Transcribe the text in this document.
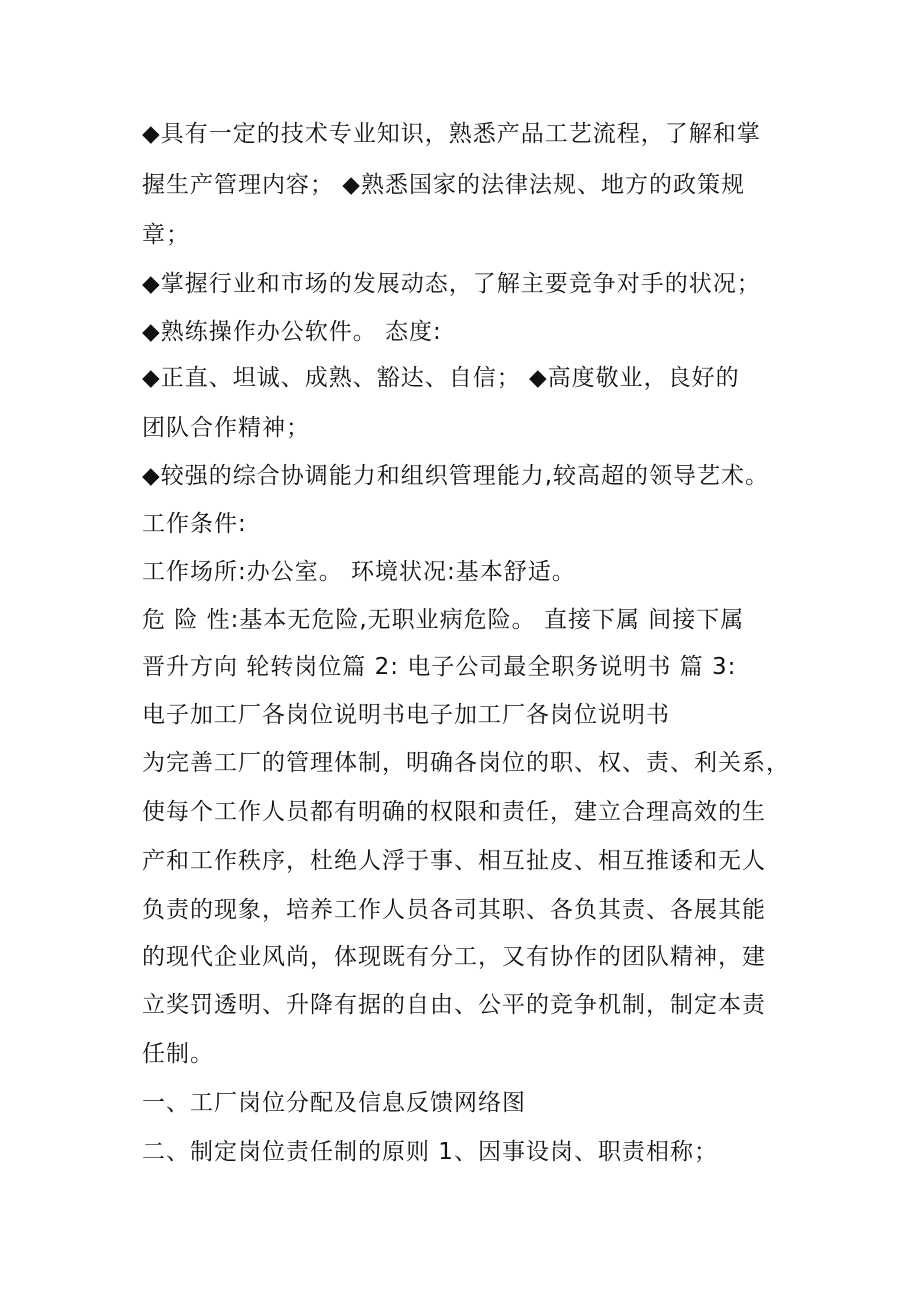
◆具有一定的技术专业知识，熟悉产品工艺流程，了解和掌
握生产管理内容； ◆熟悉国家的法律法规、地方的政策规
章；
◆掌握行业和市场的发展动态，了解主要竞争对手的状况；
◆熟练操作办公软件。 态度:
◆正直、坦诚、成熟、豁达、自信； ◆高度敬业，良好的
团队合作精神；
◆较强的综合协调能力和组织管理能力,较高超的领导艺术。
工作条件:
工作场所:办公室。 环境状况:基本舒适。
危 险 性:基本无危险,无职业病危险。 直接下属 间接下属
晋升方向 轮转岗位篇 2: 电子公司最全职务说明书 篇 3:
电子加工厂各岗位说明书电子加工厂各岗位说明书
为完善工厂的管理体制，明确各岗位的职、权、责、利关系，
使每个工作人员都有明确的权限和责任，建立合理高效的生
产和工作秩序，杜绝人浮于事、相互扯皮、相互推诿和无人
负责的现象，培养工作人员各司其职、各负其责、各展其能
的现代企业风尚，体现既有分工，又有协作的团队精神，建
立奖罚透明、升降有据的自由、公平的竞争机制，制定本责
任制。
一、工厂岗位分配及信息反馈网络图
二、制定岗位责任制的原则 1、因事设岗、职责相称；
